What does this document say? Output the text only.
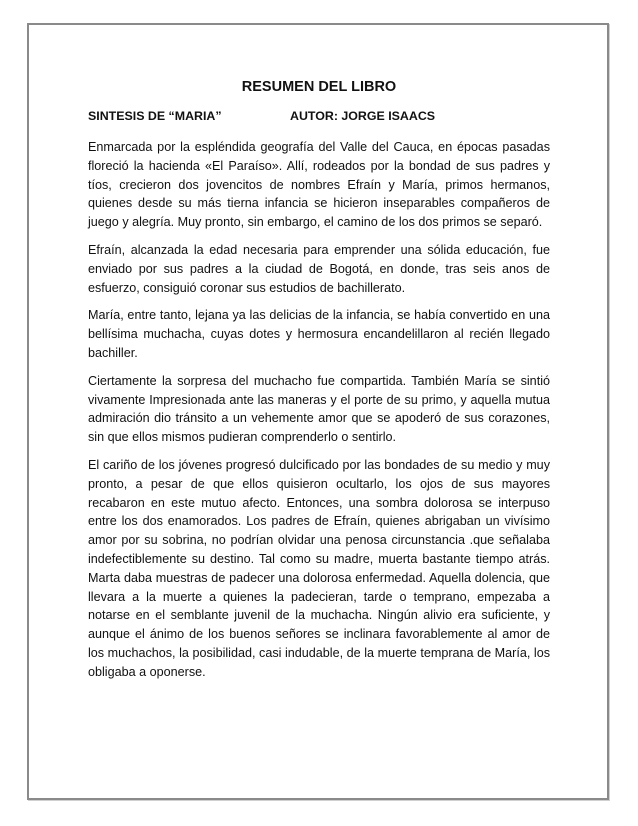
RESUMEN DEL LIBRO
SINTESIS DE “MARIA”	AUTOR: JORGE ISAACS

Enmarcada por la espléndida geografía del Valle del Cauca, en épocas pasadas floreció la hacienda «El Paraíso». Allí, rodeados por la bondad de sus padres y tíos, crecieron dos jovencitos de nombres Efraín y María, primos hermanos, quienes desde su más tierna infancia se hicieron inseparables compañeros de juego y alegría. Muy pronto, sin embargo, el camino de los dos primos se separó.

Efraín, alcanzada la edad necesaria para emprender una sólida educación, fue enviado por sus padres a la ciudad de Bogotá, en donde, tras seis anos de esfuerzo, consiguió coronar sus estudios de bachillerato.

María, entre tanto, lejana ya las delicias de la infancia, se había convertido en una bellísima muchacha, cuyas dotes y hermosura encandelillaron al recién llegado bachiller.

Ciertamente la sorpresa del muchacho fue compartida. También María se sintió vivamente Impresionada ante las maneras y el porte de su primo, y aquella mutua admiración dio tránsito a un vehemente amor que se apoderó de sus corazones, sin que ellos mismos pudieran comprenderlo o sentirlo.

El cariño de los jóvenes progresó dulcificado por las bondades de su medio y muy pronto, a pesar de que ellos quisieron ocultarlo, los ojos de sus mayores recabaron en este mutuo afecto. Entonces, una sombra dolorosa se interpuso entre los dos enamorados. Los padres de Efraín, quienes abrigaban un vivísimo amor por su sobrina, no podrían olvidar una penosa circunstancia .que señalaba indefectiblemente su destino. Tal como su madre, muerta bastante tiempo atrás. Marta daba muestras de padecer una dolorosa enfermedad. Aquella dolencia, que llevara a la muerte a quienes la padecieran, tarde o temprano, empezaba a notarse en el semblante juvenil de la muchacha. Ningún alivio era suficiente, y aunque el ánimo de los buenos señores se inclinara favorablemente al amor de los muchachos, la posibilidad, casi indudable, de la muerte temprana de María, los obligaba a oponerse.
